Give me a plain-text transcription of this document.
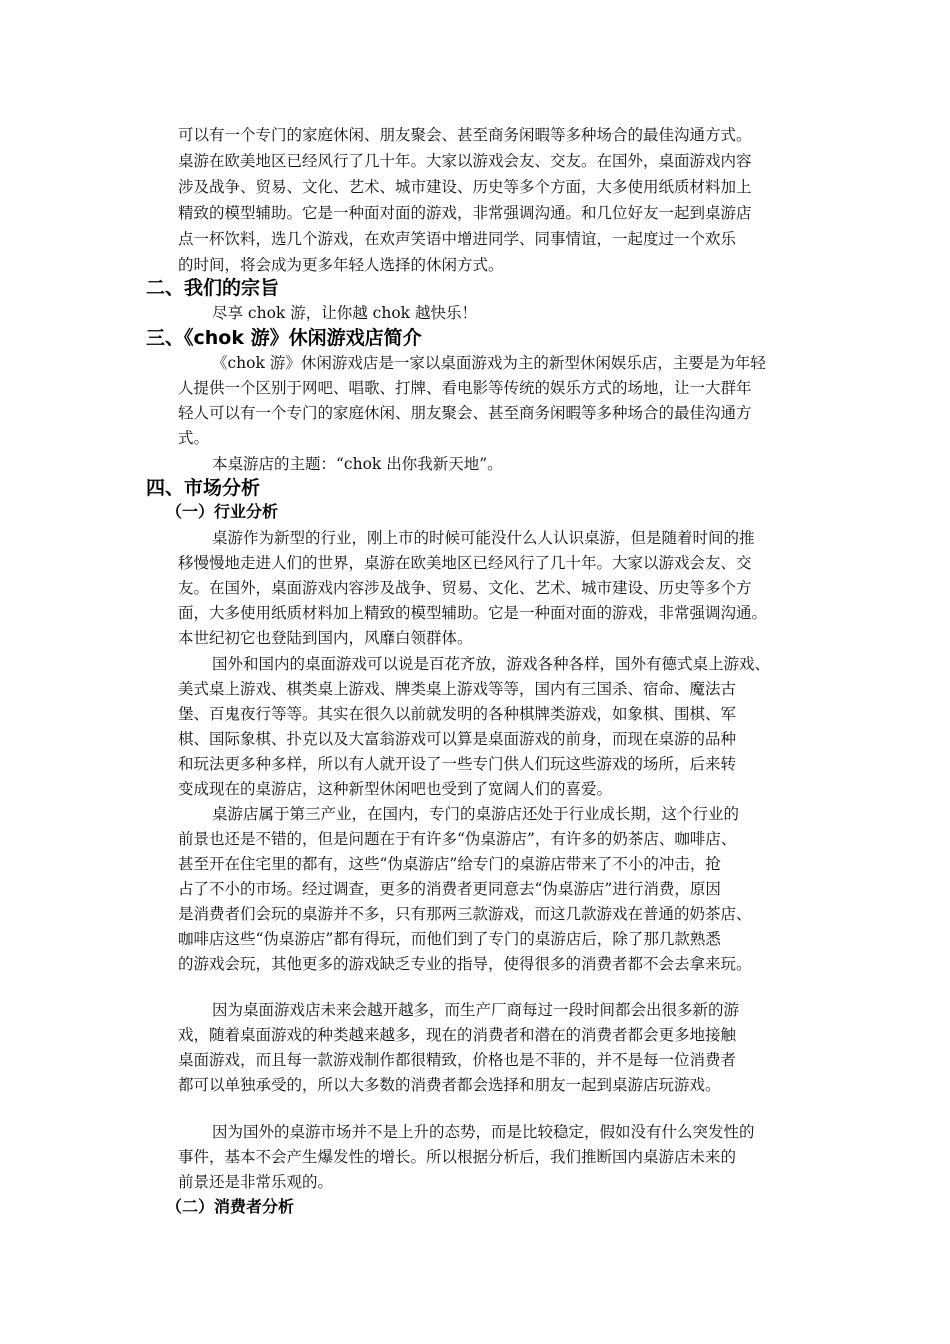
可以有一个专门的家庭休闲、朋友聚会、甚至商务闲暇等多种场合的最佳沟通方式。
桌游在欧美地区已经风行了几十年。大家以游戏会友、交友。在国外，桌面游戏内容
涉及战争、贸易、文化、艺术、城市建设、历史等多个方面，大多使用纸质材料加上
精致的模型辅助。它是一种面对面的游戏，非常强调沟通。和几位好友一起到桌游店
点一杯饮料，选几个游戏，在欢声笑语中增进同学、同事情谊，一起度过一个欢乐
的时间，将会成为更多年轻人选择的休闲方式。
二、我们的宗旨
尽享 chok 游，让你越 chok 越快乐！
三、《chok 游》休闲游戏店简介
《chok 游》休闲游戏店是一家以桌面游戏为主的新型休闲娱乐店，主要是为年轻
人提供一个区别于网吧、唱歌、打牌、看电影等传统的娱乐方式的场地，让一大群年
轻人可以有一个专门的家庭休闲、朋友聚会、甚至商务闲暇等多种场合的最佳沟通方
式。
本桌游店的主题：“chok 出你我新天地”。
四、市场分析
（一）行业分析
桌游作为新型的行业，刚上市的时候可能没什么人认识桌游，但是随着时间的推
移慢慢地走进人们的世界，桌游在欧美地区已经风行了几十年。大家以游戏会友、交
友。在国外，桌面游戏内容涉及战争、贸易、文化、艺术、城市建设、历史等多个方
面，大多使用纸质材料加上精致的模型辅助。它是一种面对面的游戏，非常强调沟通。
本世纪初它也登陆到国内，风靡白领群体。
国外和国内的桌面游戏可以说是百花齐放，游戏各种各样，国外有德式桌上游戏、
美式桌上游戏、棋类桌上游戏、牌类桌上游戏等等，国内有三国杀、宿命、魔法古
堡、百鬼夜行等等。其实在很久以前就发明的各种棋牌类游戏，如象棋、围棋、军
棋、国际象棋、扑克以及大富翁游戏可以算是桌面游戏的前身，而现在桌游的品种
和玩法更多种多样，所以有人就开设了一些专门供人们玩这些游戏的场所，后来转
变成现在的桌游店，这种新型休闲吧也受到了宽阔人们的喜爱。
桌游店属于第三产业，在国内，专门的桌游店还处于行业成长期，这个行业的
前景也还是不错的，但是问题在于有许多“伪桌游店”，有许多的奶茶店、咖啡店、
甚至开在住宅里的都有，这些“伪桌游店”给专门的桌游店带来了不小的冲击，抢
占了不小的市场。经过调查，更多的消费者更同意去“伪桌游店”进行消费，原因
是消费者们会玩的桌游并不多，只有那两三款游戏，而这几款游戏在普通的奶茶店、
咖啡店这些“伪桌游店”都有得玩，而他们到了专门的桌游店后，除了那几款熟悉
的游戏会玩，其他更多的游戏缺乏专业的指导，使得很多的消费者都不会去拿来玩。
因为桌面游戏店未来会越开越多，而生产厂商每过一段时间都会出很多新的游
戏，随着桌面游戏的种类越来越多，现在的消费者和潜在的消费者都会更多地接触
桌面游戏，而且每一款游戏制作都很精致，价格也是不菲的，并不是每一位消费者
都可以单独承受的，所以大多数的消费者都会选择和朋友一起到桌游店玩游戏。
因为国外的桌游市场并不是上升的态势，而是比较稳定，假如没有什么突发性的
事件，基本不会产生爆发性的增长。所以根据分析后，我们推断国内桌游店未来的
前景还是非常乐观的。
（二）消费者分析
